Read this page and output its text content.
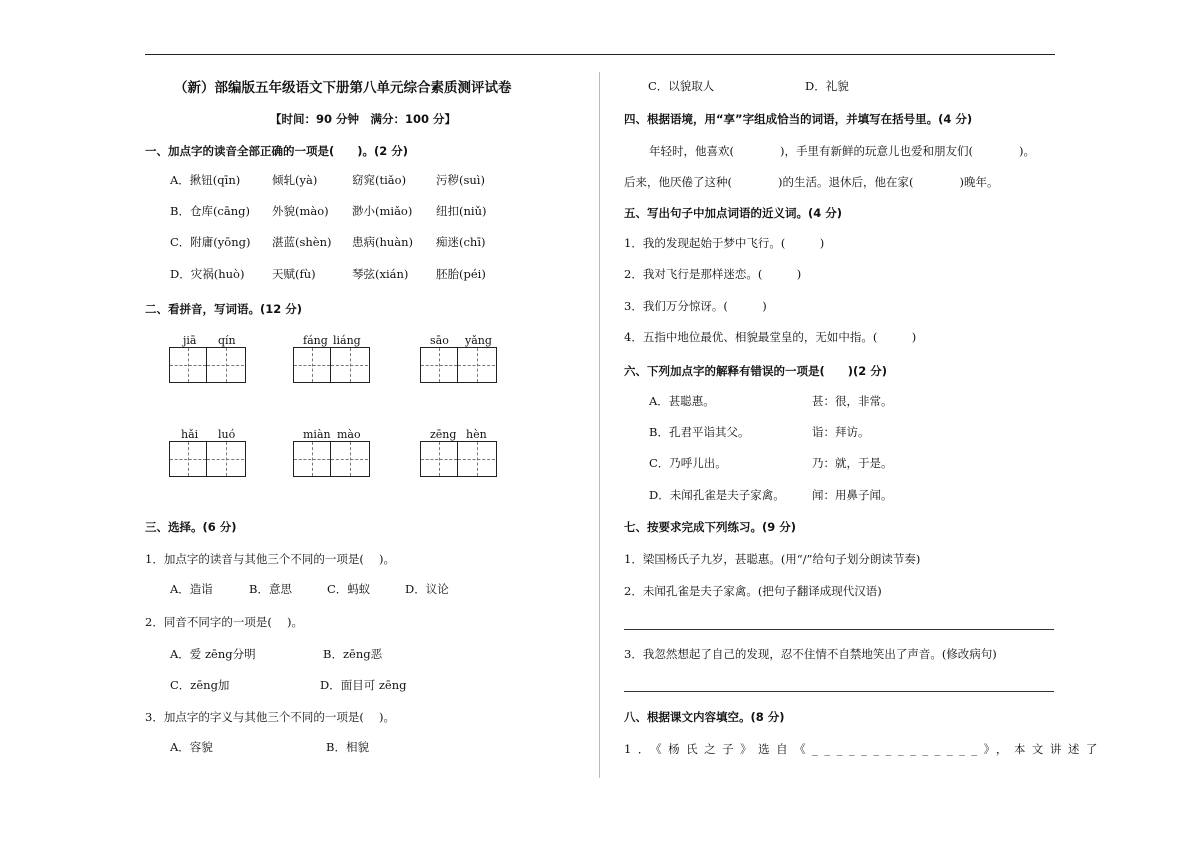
（新）部编版五年级语文下册第八单元综合素质测评试卷
【时间：90 分钟　满分：100 分】
一、加点字的读音全部正确的一项是(　　)。(2 分)
A．揪钮(qīn)	倾轧(yà)	窈窕(tiǎo)	污秽(suì)
B．仓库(cāng) 外貌(mào) 渺小(miǎo) 纽扣(niǔ)
C．附庸(yōng) 湛蓝(shèn) 患病(huàn) 痴迷(chī)
D．灾祸(huò) 天赋(fù)	琴弦(xián) 胚胎(péi)
二、看拼音，写词语。(12 分)
jiā qín	fáng liáng	sāo yǎng
hǎi luó	miàn mào	zēng hèn
三、选择。(6 分)
1．加点字的读音与其他三个不同的一项是(　 )。
A．造诣	B．意思	C．蚂蚁	D．议论
2．同音不同字的一项是(　 )。
A．爱 zēng分明	B．zēng恶
C．zēng加	D．面目可 zēng
3．加点字的字义与其他三个不同的一项是(　 )。
A．容貌	B．相貌
C．以貌取人	D．礼貌
四、根据语境，用“享”字组成恰当的词语，并填写在括号里。(4 分)
年轻时，他喜欢(　　　　)，手里有新鲜的玩意儿也爱和朋友们(　　　　)。
后来，他厌倦了这种(　　　　)的生活。退休后，他在家(　　　　)晚年。
五、写出句子中加点词语的近义词。(4 分)
1．我的发现起始于梦中飞行。(　　　)
2．我对飞行是那样迷恋。(　　　)
3．我们万分惊讶。(　　　)
4．五指中地位最优、相貌最堂皇的，无如中指。(　　　)
六、下列加点字的解释有错误的一项是(　　)(2 分)
A．甚聪惠。	甚：很，非常。
B．孔君平诣其父。	诣：拜访。
C．乃呼儿出。	乃：就，于是。
D．未闻孔雀是夫子家禽。 闻：用鼻子闻。
七、按要求完成下列练习。(9 分)
1．梁国杨氏子九岁，甚聪惠。(用“/”给句子划分朗读节奏)
2．未闻孔雀是夫子家禽。(把句子翻译成现代汉语)
3．我忽然想起了自己的发现，忍不住情不自禁地笑出了声音。(修改病句)
八、根据课文内容填空。(8 分)
1．《杨氏之子》选自《______________》，本文讲述了
